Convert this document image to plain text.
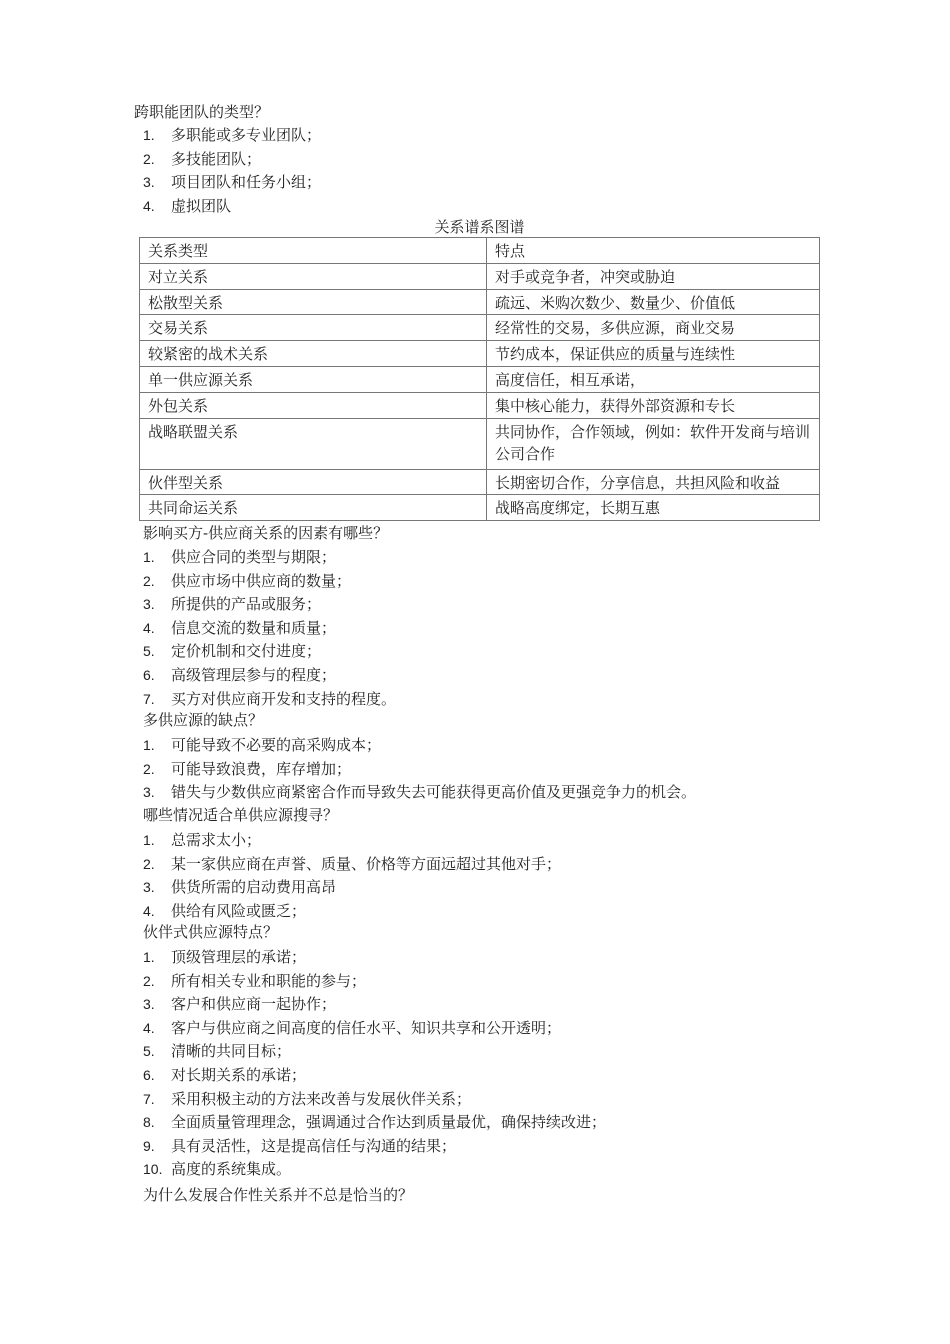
跨职能团队的类型？
1.	多职能或多专业团队；
2.	多技能团队；
3.	项目团队和任务小组；
4.	虚拟团队
关系谱系图谱
关系类型	特点
对立关系	对手或竞争者，冲突或胁迫
松散型关系	疏远、米购次数少、数量少、价值低
交易关系	经常性的交易，多供应源，商业交易
较紧密的战术关系	节约成本，保证供应的质量与连续性
单一供应源关系	高度信任，相互承诺，
外包关系	集中核心能力，获得外部资源和专长
战略联盟关系	共同协作，合作领域，例如：软件开发商与培训公司合作
伙伴型关系	长期密切合作，分享信息，共担风险和收益
共同命运关系	战略高度绑定，长期互惠
影响买方-供应商关系的因素有哪些？
1.	供应合同的类型与期限；
2.	供应市场中供应商的数量；
3.	所提供的产品或服务；
4.	信息交流的数量和质量；
5.	定价机制和交付进度；
6.	高级管理层参与的程度；
7.	买方对供应商开发和支持的程度。
多供应源的缺点？
1.	可能导致不必要的高采购成本；
2.	可能导致浪费，库存增加；
3.	错失与少数供应商紧密合作而导致失去可能获得更高价值及更强竞争力的机会。
哪些情况适合单供应源搜寻？
1.	总需求太小；
2.	某一家供应商在声誉、质量、价格等方面远超过其他对手；
3.	供货所需的启动费用高昂
4.	供给有风险或匮乏；
伙伴式供应源特点？
1.	顶级管理层的承诺；
2.	所有相关专业和职能的参与；
3.	客户和供应商一起协作；
4.	客户与供应商之间高度的信任水平、知识共享和公开透明；
5.	清晰的共同目标；
6.	对长期关系的承诺；
7.	采用积极主动的方法来改善与发展伙伴关系；
8.	全面质量管理理念，强调通过合作达到质量最优，确保持续改进；
9.	具有灵活性，这是提高信任与沟通的结果；
10. 高度的系统集成。
为什么发展合作性关系并不总是恰当的？
